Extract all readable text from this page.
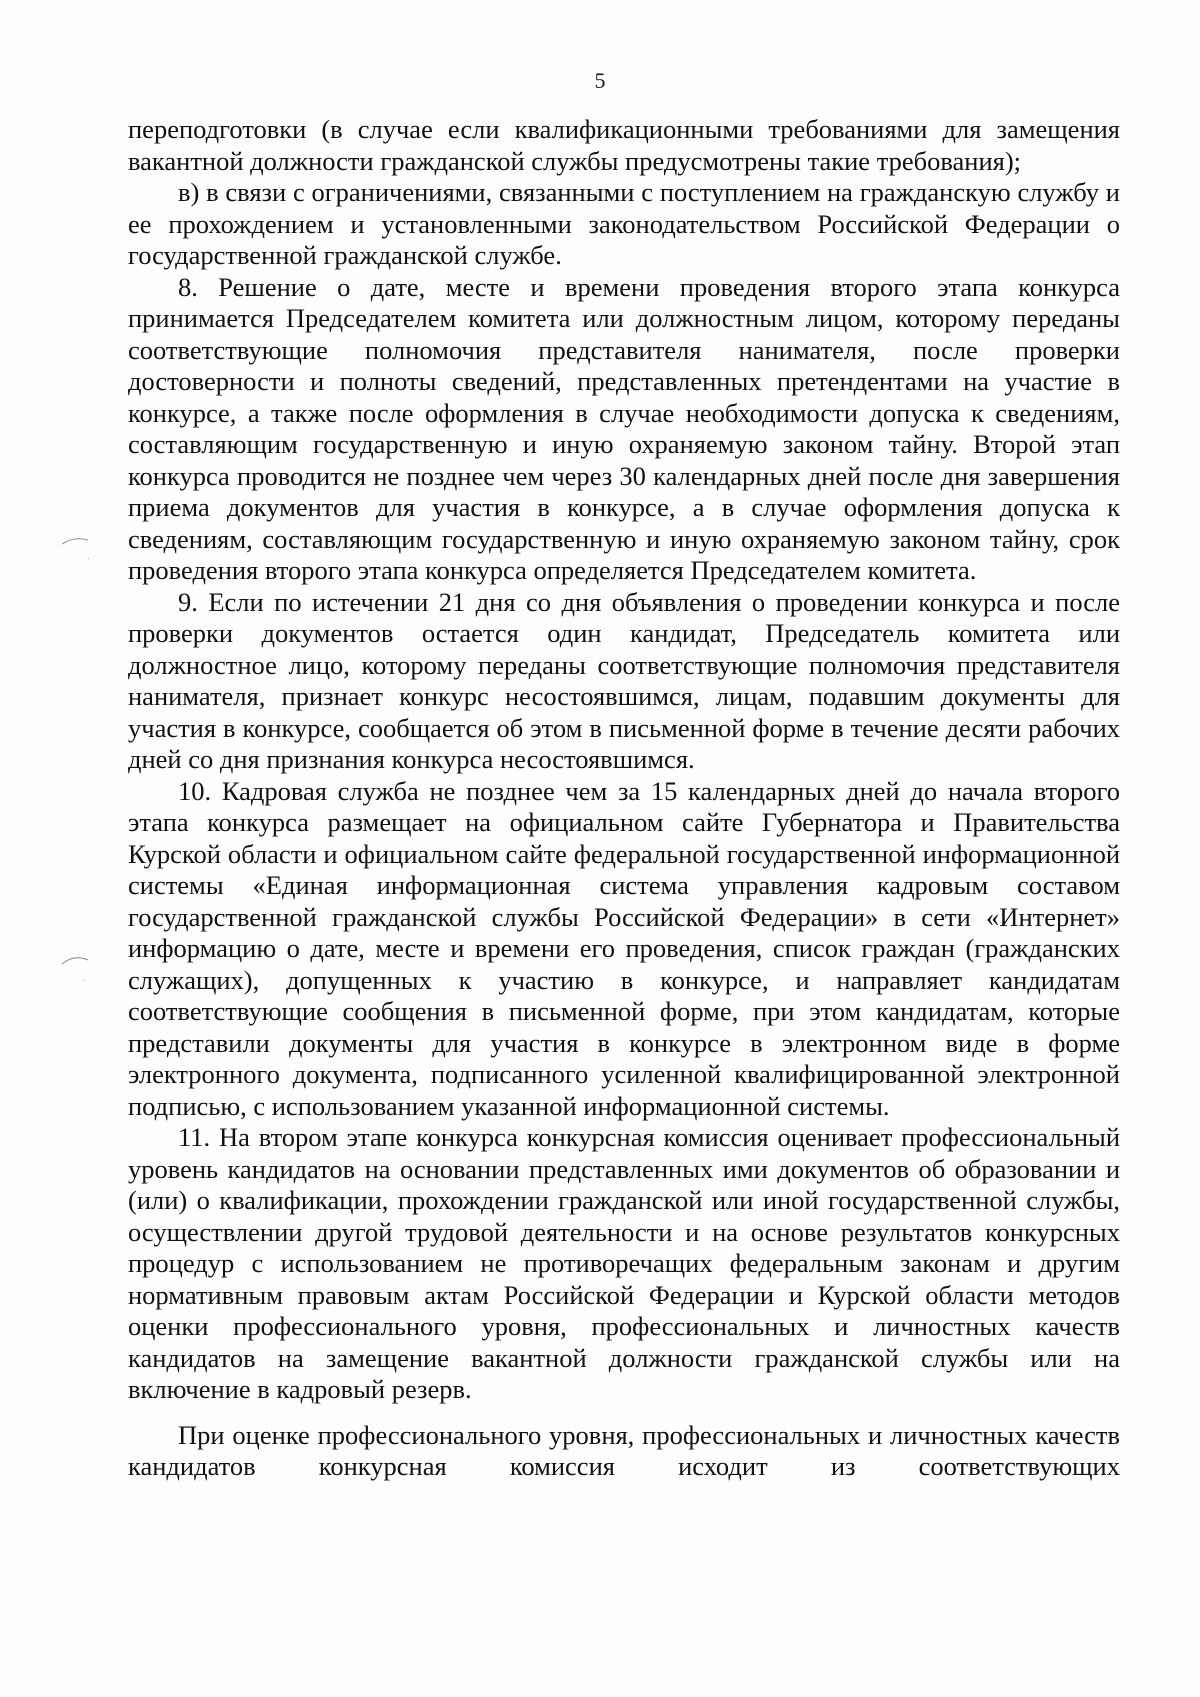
5

переподготовки (в случае если квалификационными требованиями для замещения вакантной должности гражданской службы предусмотрены такие требования);

в) в связи с ограничениями, связанными с поступлением на гражданскую службу и ее прохождением и установленными законодательством Российской Федерации о государственной гражданской службе.

8. Решение о дате, месте и времени проведения второго этапа конкурса принимается Председателем комитета или должностным лицом, которому переданы соответствующие полномочия представителя нанимателя, после проверки достоверности и полноты сведений, представленных претендентами на участие в конкурсе, а также после оформления в случае необходимости допуска к сведениям, составляющим государственную и иную охраняемую законом тайну. Второй этап конкурса проводится не позднее чем через 30 календарных дней после дня завершения приема документов для участия в конкурсе, а в случае оформления допуска к сведениям, составляющим государственную и иную охраняемую законом тайну, срок проведения второго этапа конкурса определяется Председателем комитета.

9. Если по истечении 21 дня со дня объявления о проведении конкурса и после проверки документов остается один кандидат, Председатель комитета или должностное лицо, которому переданы соответствующие полномочия представителя нанимателя, признает конкурс несостоявшимся, лицам, подавшим документы для участия в конкурсе, сообщается об этом в письменной форме в течение десяти рабочих дней со дня признания конкурса несостоявшимся.

10. Кадровая служба не позднее чем за 15 календарных дней до начала второго этапа конкурса размещает на официальном сайте Губернатора и Правительства Курской области и официальном сайте федеральной государственной информационной системы «Единая информационная система управления кадровым составом государственной гражданской службы Российской Федерации» в сети «Интернет» информацию о дате, месте и времени его проведения, список граждан (гражданских служащих), допущенных к участию в конкурсе, и направляет кандидатам соответствующие сообщения в письменной форме, при этом кандидатам, которые представили документы для участия в конкурсе в электронном виде в форме электронного документа, подписанного усиленной квалифицированной электронной подписью, с использованием указанной информационной системы.

11. На втором этапе конкурса конкурсная комиссия оценивает профессиональный уровень кандидатов на основании представленных ими документов об образовании и (или) о квалификации, прохождении гражданской или иной государственной службы, осуществлении другой трудовой деятельности и на основе результатов конкурсных процедур с использованием не противоречащих федеральным законам и другим нормативным правовым актам Российской Федерации и Курской области методов оценки профессионального уровня, профессиональных и личностных качеств кандидатов на замещение вакантной должности гражданской службы или на включение в кадровый резерв.

При оценке профессионального уровня, профессиональных и личностных качеств кандидатов конкурсная комиссия исходит из соответствующих
